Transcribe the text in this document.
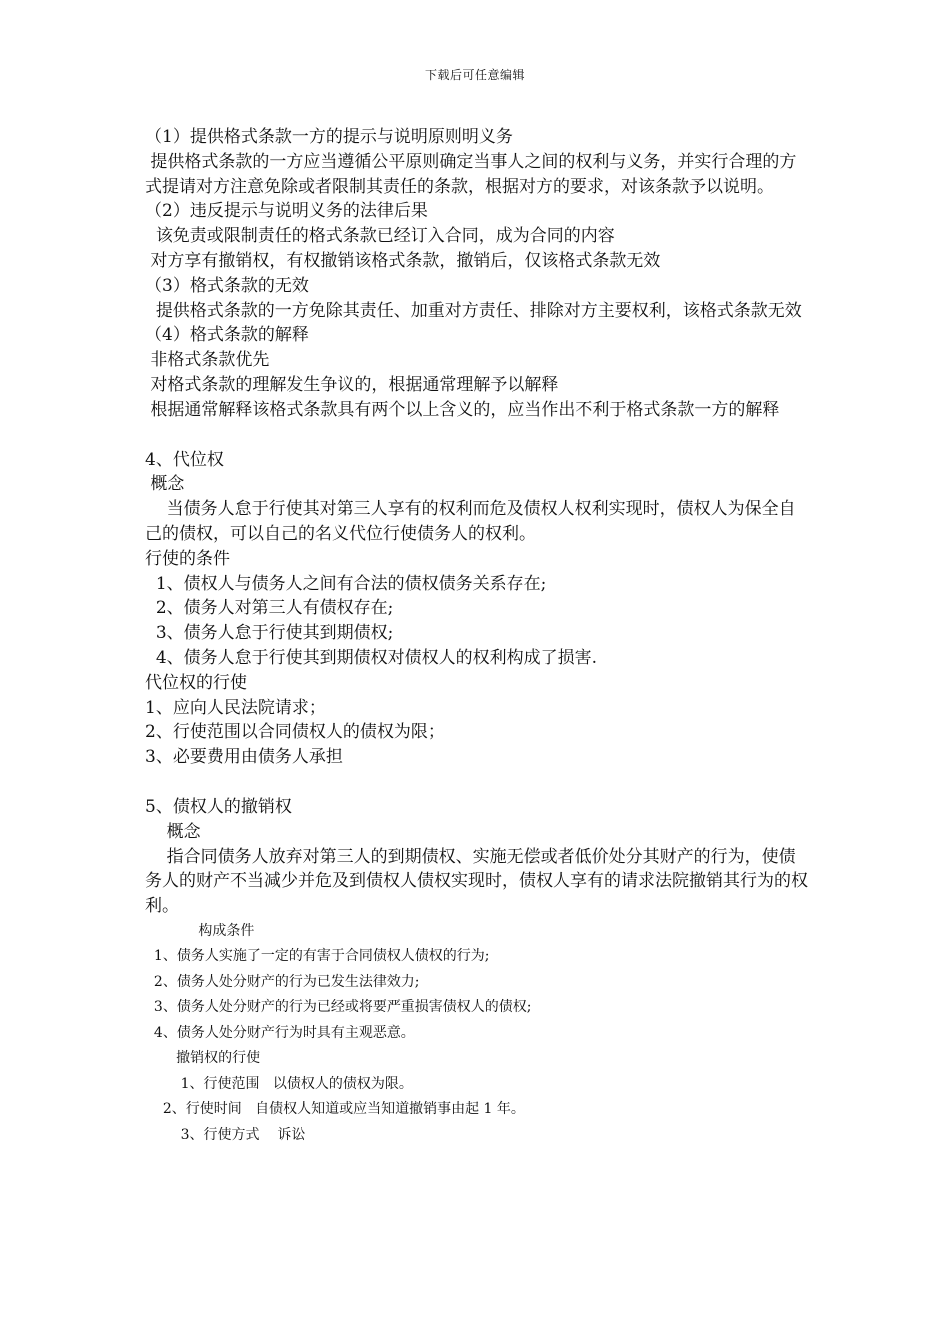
下载后可任意编辑

（1）提供格式条款一方的提示与说明原则明义务

提供格式条款的一方应当遵循公平原则确定当事人之间的权利与义务，并实行合理的方式提请对方注意免除或者限制其责任的条款，根据对方的要求，对该条款予以说明。

（2）违反提示与说明义务的法律后果

该免责或限制责任的格式条款已经订入合同，成为合同的内容

对方享有撤销权，有权撤销该格式条款，撤销后，仅该格式条款无效

（3）格式条款的无效

提供格式条款的一方免除其责任、加重对方责任、排除对方主要权利，该格式条款无效

（4）格式条款的解释

非格式条款优先

对格式条款的理解发生争议的，根据通常理解予以解释

根据通常解释该格式条款具有两个以上含义的，应当作出不利于格式条款一方的解释

4、代位权

概念

当债务人怠于行使其对第三人享有的权利而危及债权人权利实现时，债权人为保全自己的债权，可以自己的名义代位行使债务人的权利。

行使的条件

1、债权人与债务人之间有合法的债权债务关系存在;

2、债务人对第三人有债权存在;

3、债务人怠于行使其到期债权;

4、债务人怠于行使其到期债权对债权人的权利构成了损害.

代位权的行使

1、应向人民法院请求；

2、行使范围以合同债权人的债权为限；

3、必要费用由债务人承担

5、债权人的撤销权

概念

指合同债务人放弃对第三人的到期债权、实施无偿或者低价处分其财产的行为，使债务人的财产不当减少并危及到债权人债权实现时，债权人享有的请求法院撤销其行为的权利。

构成条件

1、债务人实施了一定的有害于合同债权人债权的行为;

2、债务人处分财产的行为已发生法律效力;

3、债务人处分财产的行为已经或将要严重损害债权人的债权;

4、债务人处分财产行为时具有主观恶意。

撤销权的行使

1、行使范围   以债权人的债权为限。

2、行使时间   自债权人知道或应当知道撤销事由起 1 年。

3、行使方式    诉讼
